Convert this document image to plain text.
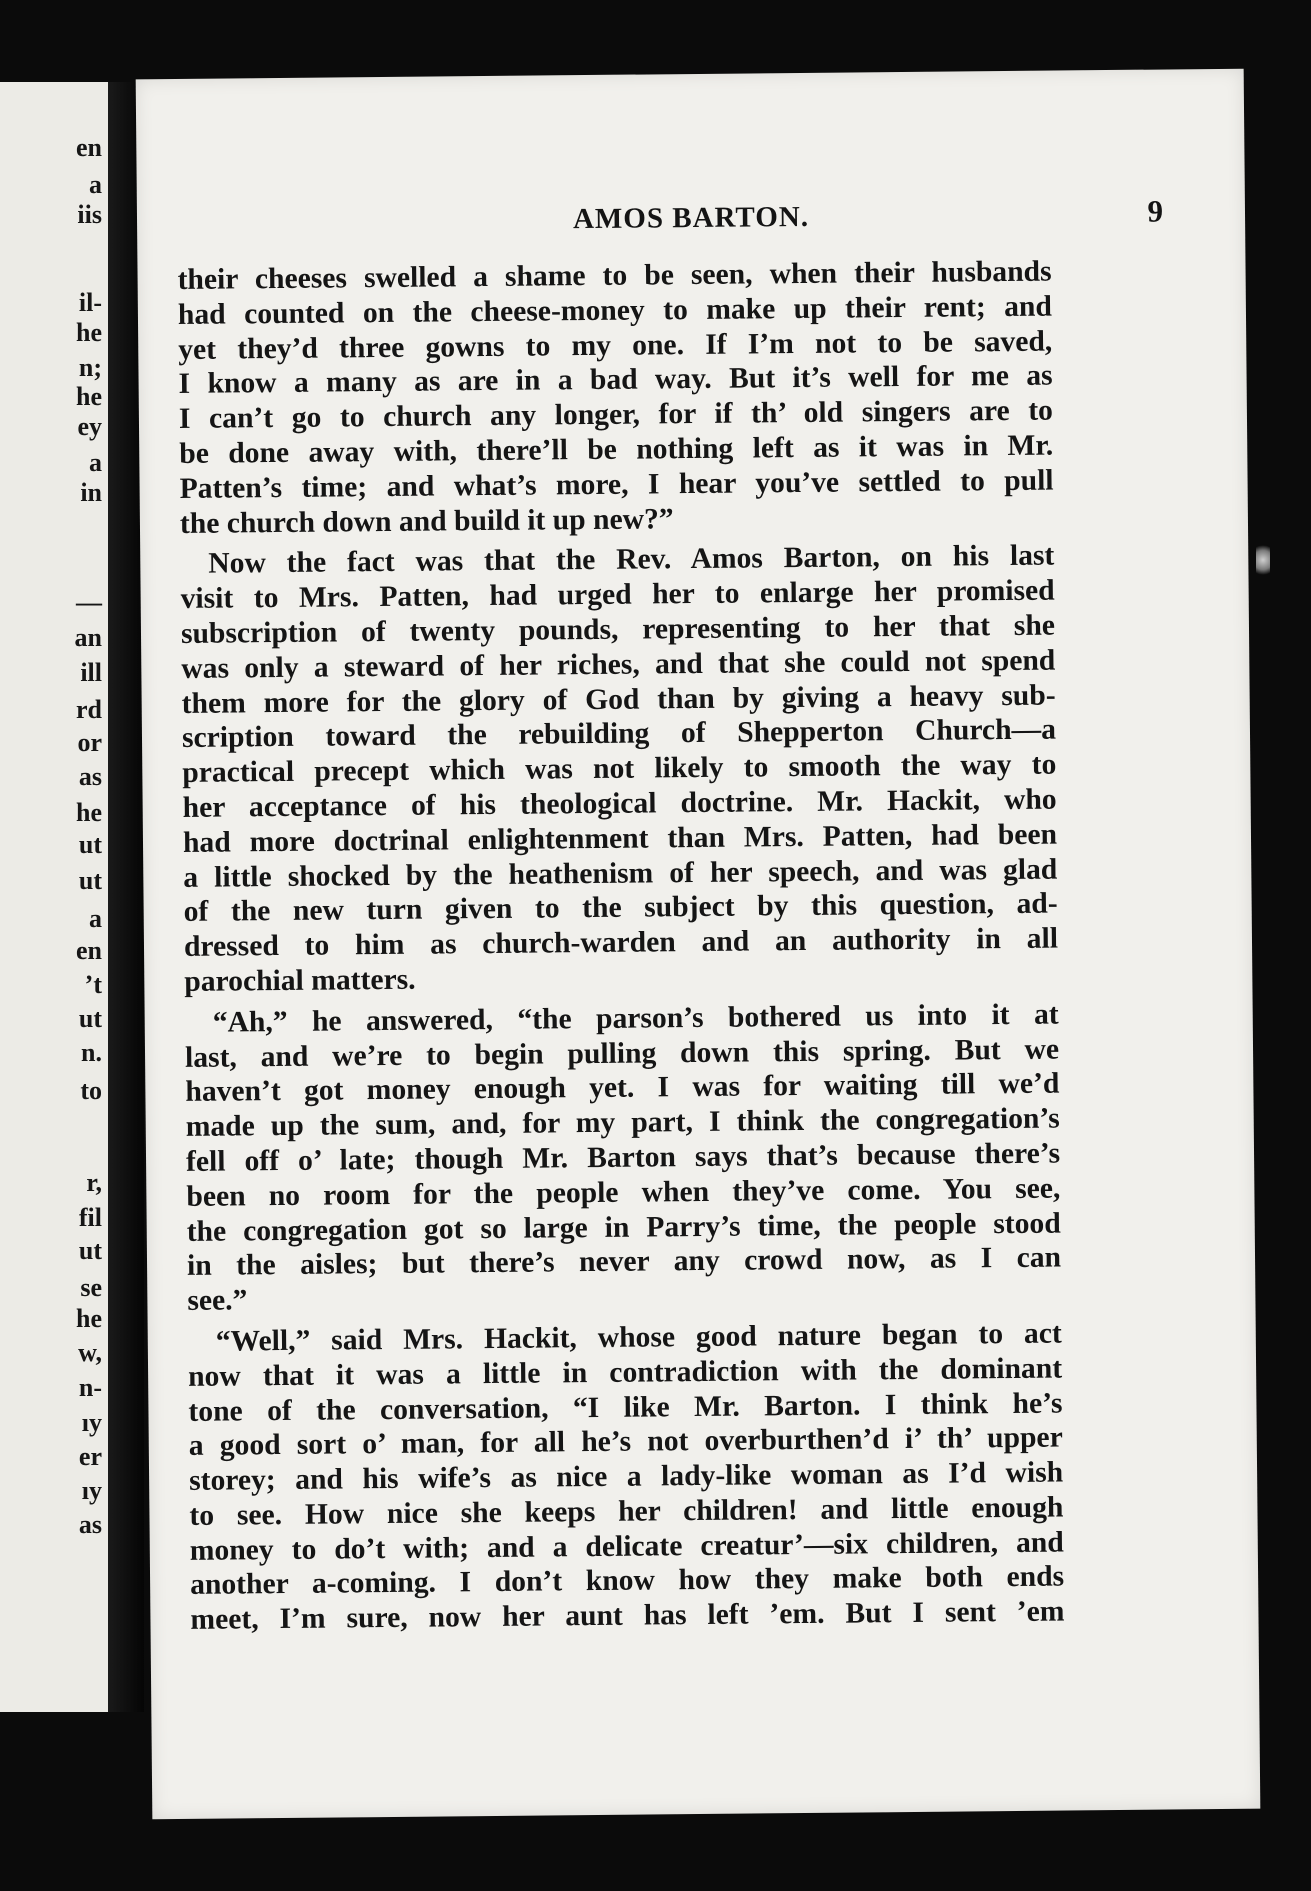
en
a
iis
il-
he
n;
he
ey
a
in
—
an
ill
rd
or
as
he
ut
ut
a
en
’t
ut
n.
to
r,
fil
ut
se
he
w,
n-
ıy
er
ıy
as
AMOS BARTON.	9
their cheeses swelled a shame to be seen, when their husbands
had counted on the cheese-money to make up their rent; and
yet they’d three gowns to my one. If I’m not to be saved,
I know a many as are in a bad way. But it’s well for me as
I can’t go to church any longer, for if th’ old singers are to
be done away with, there’ll be nothing left as it was in Mr.
Patten’s time; and what’s more, I hear you’ve settled to pull
the church down and build it up new?”
Now the fact was that the Rev. Amos Barton, on his last
visit to Mrs. Patten, had urged her to enlarge her promised
subscription of twenty pounds, representing to her that she
was only a steward of her riches, and that she could not spend
them more for the glory of God than by giving a heavy sub-
scription toward the rebuilding of Shepperton Church—a
practical precept which was not likely to smooth the way to
her acceptance of his theological doctrine. Mr. Hackit, who
had more doctrinal enlightenment than Mrs. Patten, had been
a little shocked by the heathenism of her speech, and was glad
of the new turn given to the subject by this question, ad-
dressed to him as church-warden and an authority in all
parochial matters.
“Ah,” he answered, “the parson’s bothered us into it at
last, and we’re to begin pulling down this spring. But we
haven’t got money enough yet. I was for waiting till we’d
made up the sum, and, for my part, I think the congregation’s
fell off o’ late; though Mr. Barton says that’s because there’s
been no room for the people when they’ve come. You see,
the congregation got so large in Parry’s time, the people stood
in the aisles; but there’s never any crowd now, as I can
see.”
“Well,” said Mrs. Hackit, whose good nature began to act
now that it was a little in contradiction with the dominant
tone of the conversation, “I like Mr. Barton. I think he’s
a good sort o’ man, for all he’s not overburthen’d i’ th’ upper
storey; and his wife’s as nice a lady-like woman as I’d wish
to see. How nice she keeps her children! and little enough
money to do’t with; and a delicate creatur’—six children, and
another a-coming. I don’t know how they make both ends
meet, I’m sure, now her aunt has left ’em. But I sent ’em
